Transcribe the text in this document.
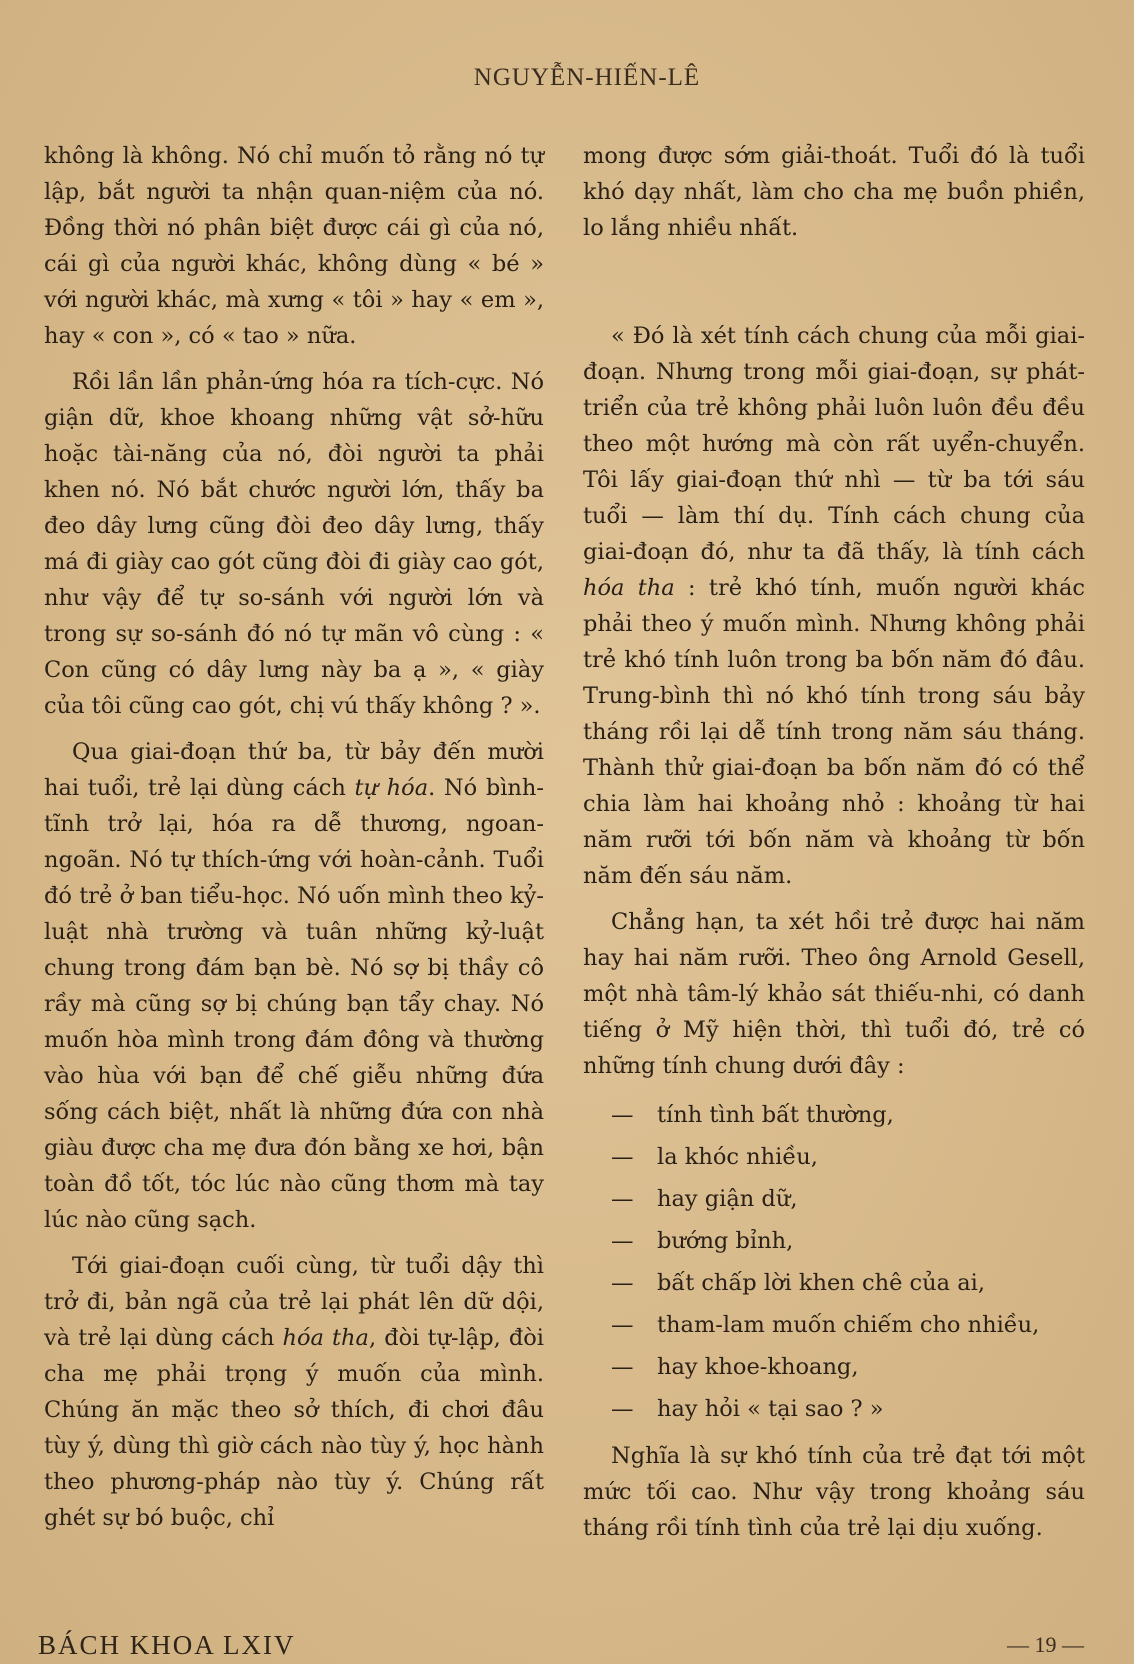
NGUYỄN-HIẾN-LÊ

không là không. Nó chỉ muốn tỏ rằng nó tự lập, bắt người ta nhận quan-niệm của nó. Đồng thời nó phân biệt được cái gì của nó, cái gì của người khác, không dùng « bé » với người khác, mà xưng « tôi » hay « em », hay « con », có « tao » nữa.

Rồi lần lần phản-ứng hóa ra tích-cực. Nó giận dữ, khoe khoang những vật sở-hữu hoặc tài-năng của nó, đòi người ta phải khen nó. Nó bắt chước người lớn, thấy ba đeo dây lưng cũng đòi đeo dây lưng, thấy má đi giày cao gót cũng đòi đi giày cao gót, như vậy để tự so-sánh với người lớn và trong sự so-sánh đó nó tự mãn vô cùng : « Con cũng có dây lưng này ba ạ », « giày của tôi cũng cao gót, chị vú thấy không ? ».

Qua giai-đoạn thứ ba, từ bảy đến mười hai tuổi, trẻ lại dùng cách tự hóa. Nó bình-tĩnh trở lại, hóa ra dễ thương, ngoan-ngoãn. Nó tự thích-ứng với hoàn-cảnh. Tuổi đó trẻ ở ban tiểu-học. Nó uốn mình theo kỷ-luật nhà trường và tuân những kỷ-luật chung trong đám bạn bè. Nó sợ bị thầy cô rầy mà cũng sợ bị chúng bạn tẩy chay. Nó muốn hòa mình trong đám đông và thường vào hùa với bạn để chế giễu những đứa sống cách biệt, nhất là những đứa con nhà giàu được cha mẹ đưa đón bằng xe hơi, bận toàn đồ tốt, tóc lúc nào cũng thơm mà tay lúc nào cũng sạch.

Tới giai-đoạn cuối cùng, từ tuổi dậy thì trở đi, bản ngã của trẻ lại phát lên dữ dội, và trẻ lại dùng cách hóa tha, đòi tự-lập, đòi cha mẹ phải trọng ý muốn của mình. Chúng ăn mặc theo sở thích, đi chơi đâu tùy ý, dùng thì giờ cách nào tùy ý, học hành theo phương-pháp nào tùy ý. Chúng rất ghét sự bó buộc, chỉ

mong được sớm giải-thoát. Tuổi đó là tuổi khó dạy nhất, làm cho cha mẹ buồn phiền, lo lắng nhiều nhất.

« Đó là xét tính cách chung của mỗi giai-đoạn. Nhưng trong mỗi giai-đoạn, sự phát-triển của trẻ không phải luôn luôn đều đều theo một hướng mà còn rất uyển-chuyển. Tôi lấy giai-đoạn thứ nhì — từ ba tới sáu tuổi — làm thí dụ. Tính cách chung của giai-đoạn đó, như ta đã thấy, là tính cách hóa tha : trẻ khó tính, muốn người khác phải theo ý muốn mình. Nhưng không phải trẻ khó tính luôn trong ba bốn năm đó đâu. Trung-bình thì nó khó tính trong sáu bảy tháng rồi lại dễ tính trong năm sáu tháng. Thành thử giai-đoạn ba bốn năm đó có thể chia làm hai khoảng nhỏ : khoảng từ hai năm rưỡi tới bốn năm và khoảng từ bốn năm đến sáu năm.

Chẳng hạn, ta xét hồi trẻ được hai năm hay hai năm rưỡi. Theo ông Arnold Gesell, một nhà tâm-lý khảo sát thiếu-nhi, có danh tiếng ở Mỹ hiện thời, thì tuổi đó, trẻ có những tính chung dưới đây :

— tính tình bất thường,
— la khóc nhiều,
— hay giận dữ,
— bướng bỉnh,
— bất chấp lời khen chê của ai,
— tham-lam muốn chiếm cho nhiều,
— hay khoe-khoang,
— hay hỏi « tại sao ? »

Nghĩa là sự khó tính của trẻ đạt tới một mức tối cao. Như vậy trong khoảng sáu tháng rồi tính tình của trẻ lại dịu xuống.

BÁCH KHOA LXIV	— 19 —
